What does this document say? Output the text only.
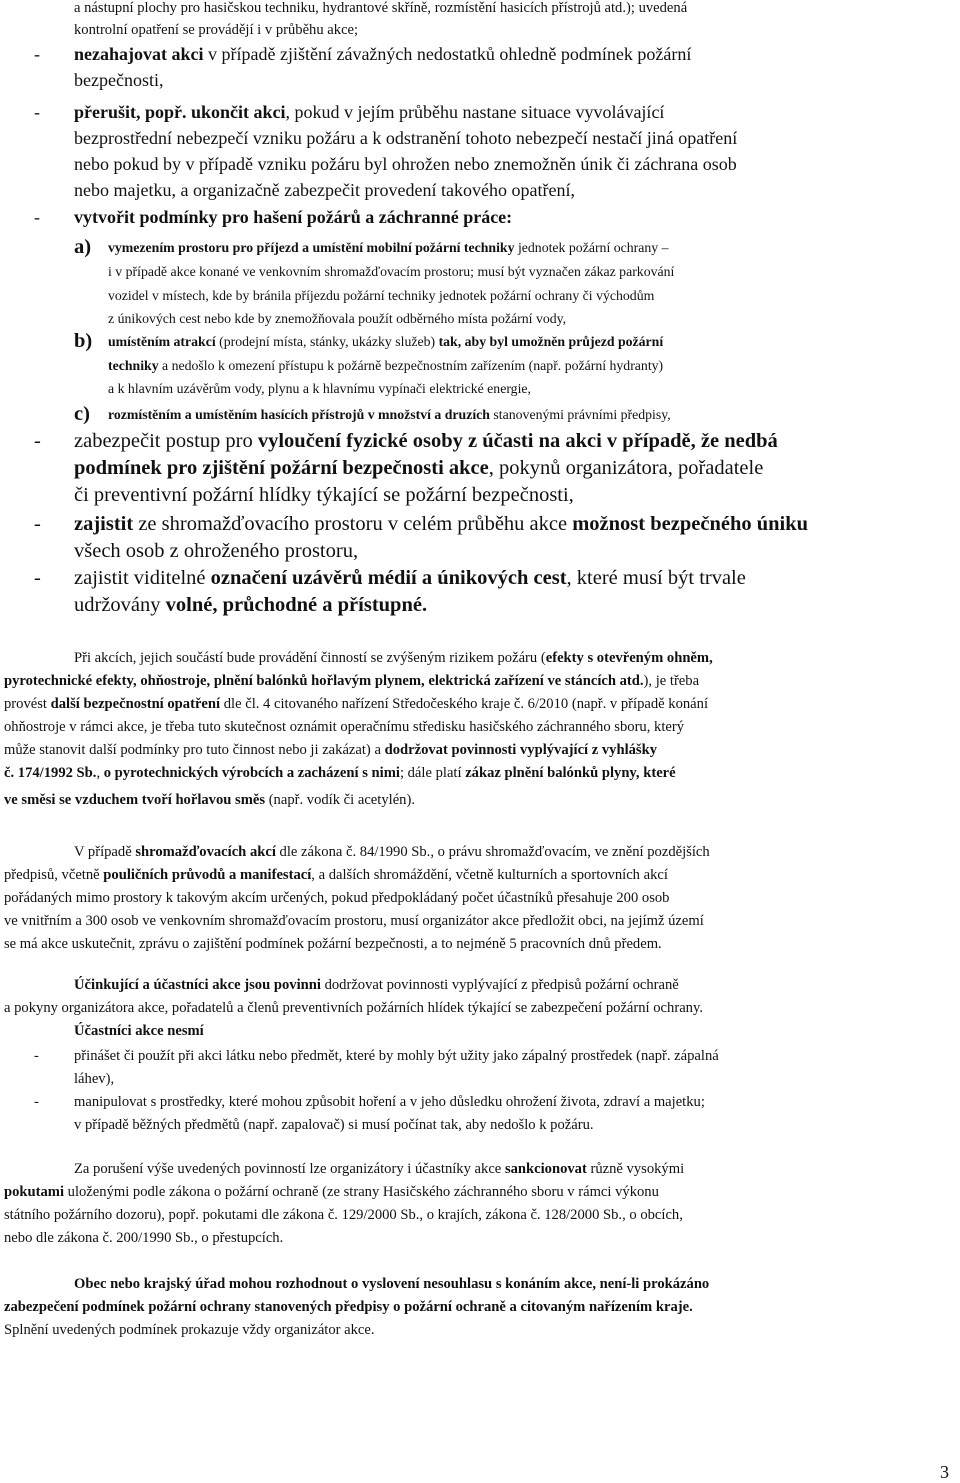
a nástupní plochy pro hasičskou techniku, hydrantové skříně, rozmístění hasicích přístrojů atd.); uvedená
kontrolní opatření se provádějí i v průběhu akce;
-	nezahajovat akci v případě zjištění závažných nedostatků ohledně podmínek požární
bezpečnosti,
-	přerušit, popř. ukončit akci, pokud v jejím průběhu nastane situace vyvolávající
bezprostřední nebezpečí vzniku požáru a k odstranění tohoto nebezpečí nestačí jiná opatření
nebo pokud by v případě vzniku požáru byl ohrožen nebo znemožněn únik či záchrana osob
nebo majetku, a organizačně zabezpečit provedení takového opatření,
-	vytvořit podmínky pro hašení požárů a záchranné práce:
a)	vymezením prostoru pro příjezd a umístění mobilní požární techniky jednotek požární ochrany –
i v případě akce konané ve venkovním shromažďovacím prostoru; musí být vyznačen zákaz parkování
vozidel v místech, kde by bránila příjezdu požární techniky jednotek požární ochrany či východům
z únikových cest nebo kde by znemožňovala použít odběrného místa požární vody,
b)	umístěním atrakcí (prodejní místa, stánky, ukázky služeb) tak, aby byl umožněn průjezd požární
techniky a nedošlo k omezení přístupu k požárně bezpečnostním zařízením (např. požární hydranty)
a k hlavním uzávěrům vody, plynu a k hlavnímu vypínači elektrické energie,
c)	rozmístěním a umístěním hasících přístrojů v množství a druzích stanovenými právními předpisy,
-	zabezpečit postup pro vyloučení fyzické osoby z účasti na akci v případě, že nedbá
podmínek pro zjištění požární bezpečnosti akce, pokynů organizátora, pořadatele
či preventivní požární hlídky týkající se požární bezpečnosti,
-	zajistit ze shromažďovacího prostoru v celém průběhu akce možnost bezpečného úniku
všech osob z ohroženého prostoru,
-	zajistit viditelné označení uzávěrů médií a únikových cest, které musí být trvale
udržovány volné, průchodné a přístupné.
Při akcích, jejich součástí bude provádění činností se zvýšeným rizikem požáru (efekty s otevřeným ohněm,
pyrotechnické efekty, ohňostroje, plnění balónků hořlavým plynem, elektrická zařízení ve stáncích atd.), je třeba
provést další bezpečnostní opatření dle čl. 4 citovaného nařízení Středočeského kraje č. 6/2010 (např. v případě konání
ohňostroje v rámci akce, je třeba tuto skutečnost oznámit operačnímu středisku hasičského záchranného sboru, který
může stanovit další podmínky pro tuto činnost nebo ji zakázat) a dodržovat povinnosti vyplývající z vyhlášky
č. 174/1992 Sb., o pyrotechnických výrobcích a zacházení s nimi; dále platí zákaz plnění balónků plyny, které
ve směsi se vzduchem tvoří hořlavou směs (např. vodík či acetylén).
V případě shromažďovacích akcí dle zákona č. 84/1990 Sb., o právu shromažďovacím, ve znění pozdějších
předpisů, včetně pouličních průvodů a manifestací, a dalších shromáždění, včetně kulturních a sportovních akcí
pořádaných mimo prostory k takovým akcím určených, pokud předpokládaný počet účastníků přesahuje 200 osob
ve vnitřním a 300 osob ve venkovním shromažďovacím prostoru, musí organizátor akce předložit obci, na jejímž území
se má akce uskutečnit, zprávu o zajištění podmínek požární bezpečnosti, a to nejméně 5 pracovních dnů předem.
Účinkující a účastníci akce jsou povinni dodržovat povinnosti vyplývající z předpisů požární ochraně
a pokyny organizátora akce, pořadatelů a členů preventivních požárních hlídek týkající se zabezpečení požární ochrany.
Účastníci akce nesmí
-	přinášet či použít při akci látku nebo předmět, které by mohly být užity jako zápalný prostředek (např. zápalná
láhev),
-	manipulovat s prostředky, které mohou způsobit hoření a v jeho důsledku ohrožení života, zdraví a majetku;
v případě běžných předmětů (např. zapalovač) si musí počínat tak, aby nedošlo k požáru.
Za porušení výše uvedených povinností lze organizátory i účastníky akce sankcionovat různě vysokými
pokutami uloženými podle zákona o požární ochraně (ze strany Hasičského záchranného sboru v rámci výkonu
státního požárního dozoru), popř. pokutami dle zákona č. 129/2000 Sb., o krajích, zákona č. 128/2000 Sb., o obcích,
nebo dle zákona č. 200/1990 Sb., o přestupcích.
Obec nebo krajský úřad mohou rozhodnout o vyslovení nesouhlasu s konáním akce, není-li prokázáno
zabezpečení podmínek požární ochrany stanovených předpisy o požární ochraně a citovaným nařízením kraje.
Splnění uvedených podmínek prokazuje vždy organizátor akce.
3
